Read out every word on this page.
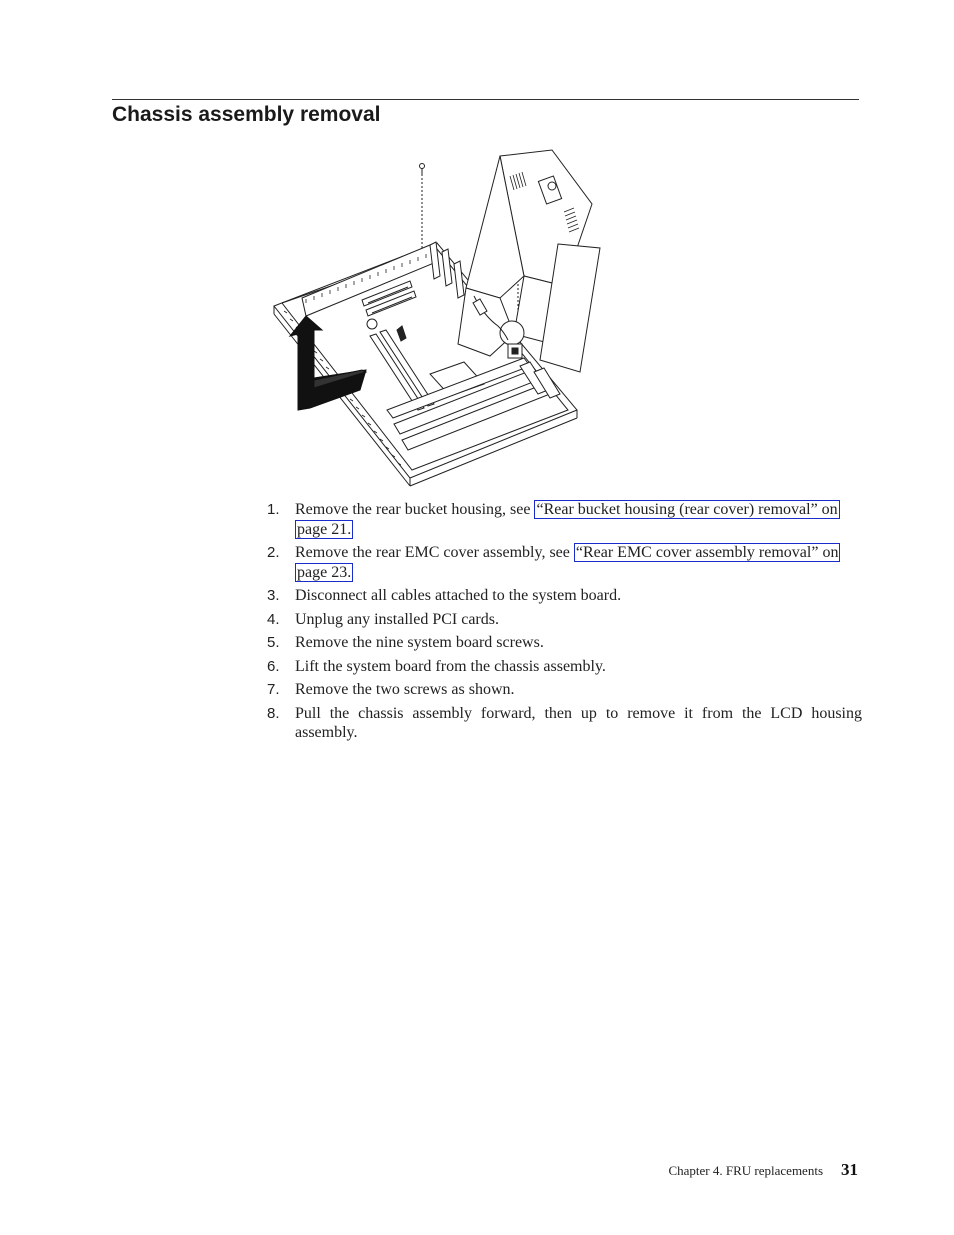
Chassis assembly removal
1. Remove the rear bucket housing, see “Rear bucket housing (rear cover) removal” on page 21.
2. Remove the rear EMC cover assembly, see “Rear EMC cover assembly removal” on page 23.
3. Disconnect all cables attached to the system board.
4. Unplug any installed PCI cards.
5. Remove the nine system board screws.
6. Lift the system board from the chassis assembly.
7. Remove the two screws as shown.
8. Pull the chassis assembly forward, then up to remove it from the LCD housing assembly.
Chapter 4. FRU replacements 31
